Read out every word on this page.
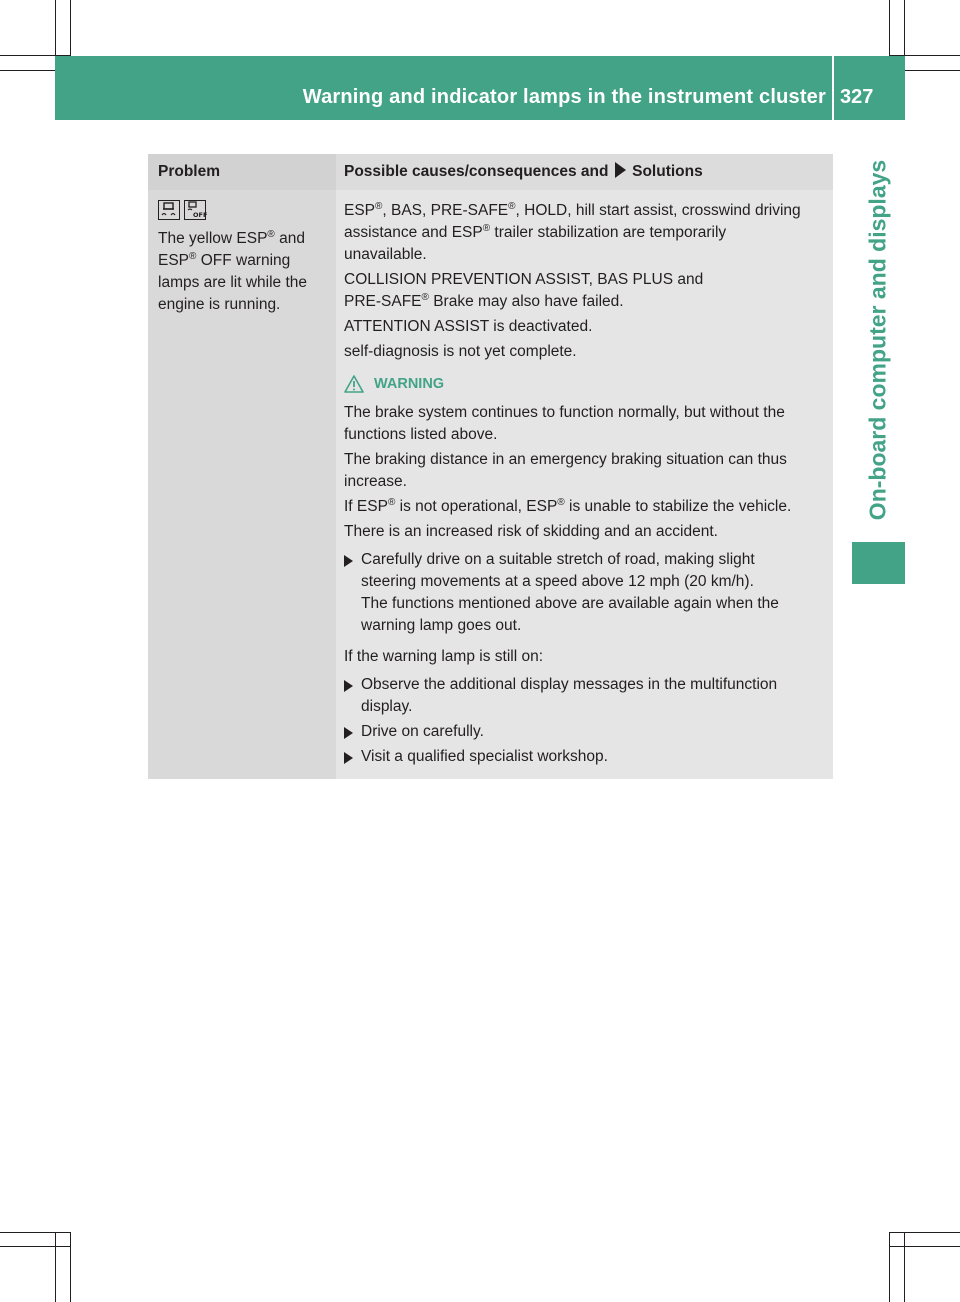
Warning and indicator lamps in the instrument cluster 327
On-board computer and displays
Problem	Possible causes/consequences and Solutions
OFF
The yellow ESP® and
ESP® OFF warning
lamps are lit while the
engine is running.

ESP®, BAS, PRE-SAFE®, HOLD, hill start assist, crosswind driving
assistance and ESP® trailer stabilization are temporarily
unavailable.

COLLISION PREVENTION ASSIST, BAS PLUS and
PRE-SAFE® Brake may also have failed.

ATTENTION ASSIST is deactivated.

self-diagnosis is not yet complete.

WARNING

The brake system continues to function normally, but without the
functions listed above.

The braking distance in an emergency braking situation can thus
increase.

If ESP® is not operational, ESP® is unable to stabilize the vehicle.

There is an increased risk of skidding and an accident.

Carefully drive on a suitable stretch of road, making slight
steering movements at a speed above 12 mph (20 km/h).
The functions mentioned above are available again when the
warning lamp goes out.

If the warning lamp is still on:

Observe the additional display messages in the multifunction
display.
Drive on carefully.
Visit a qualified specialist workshop.
